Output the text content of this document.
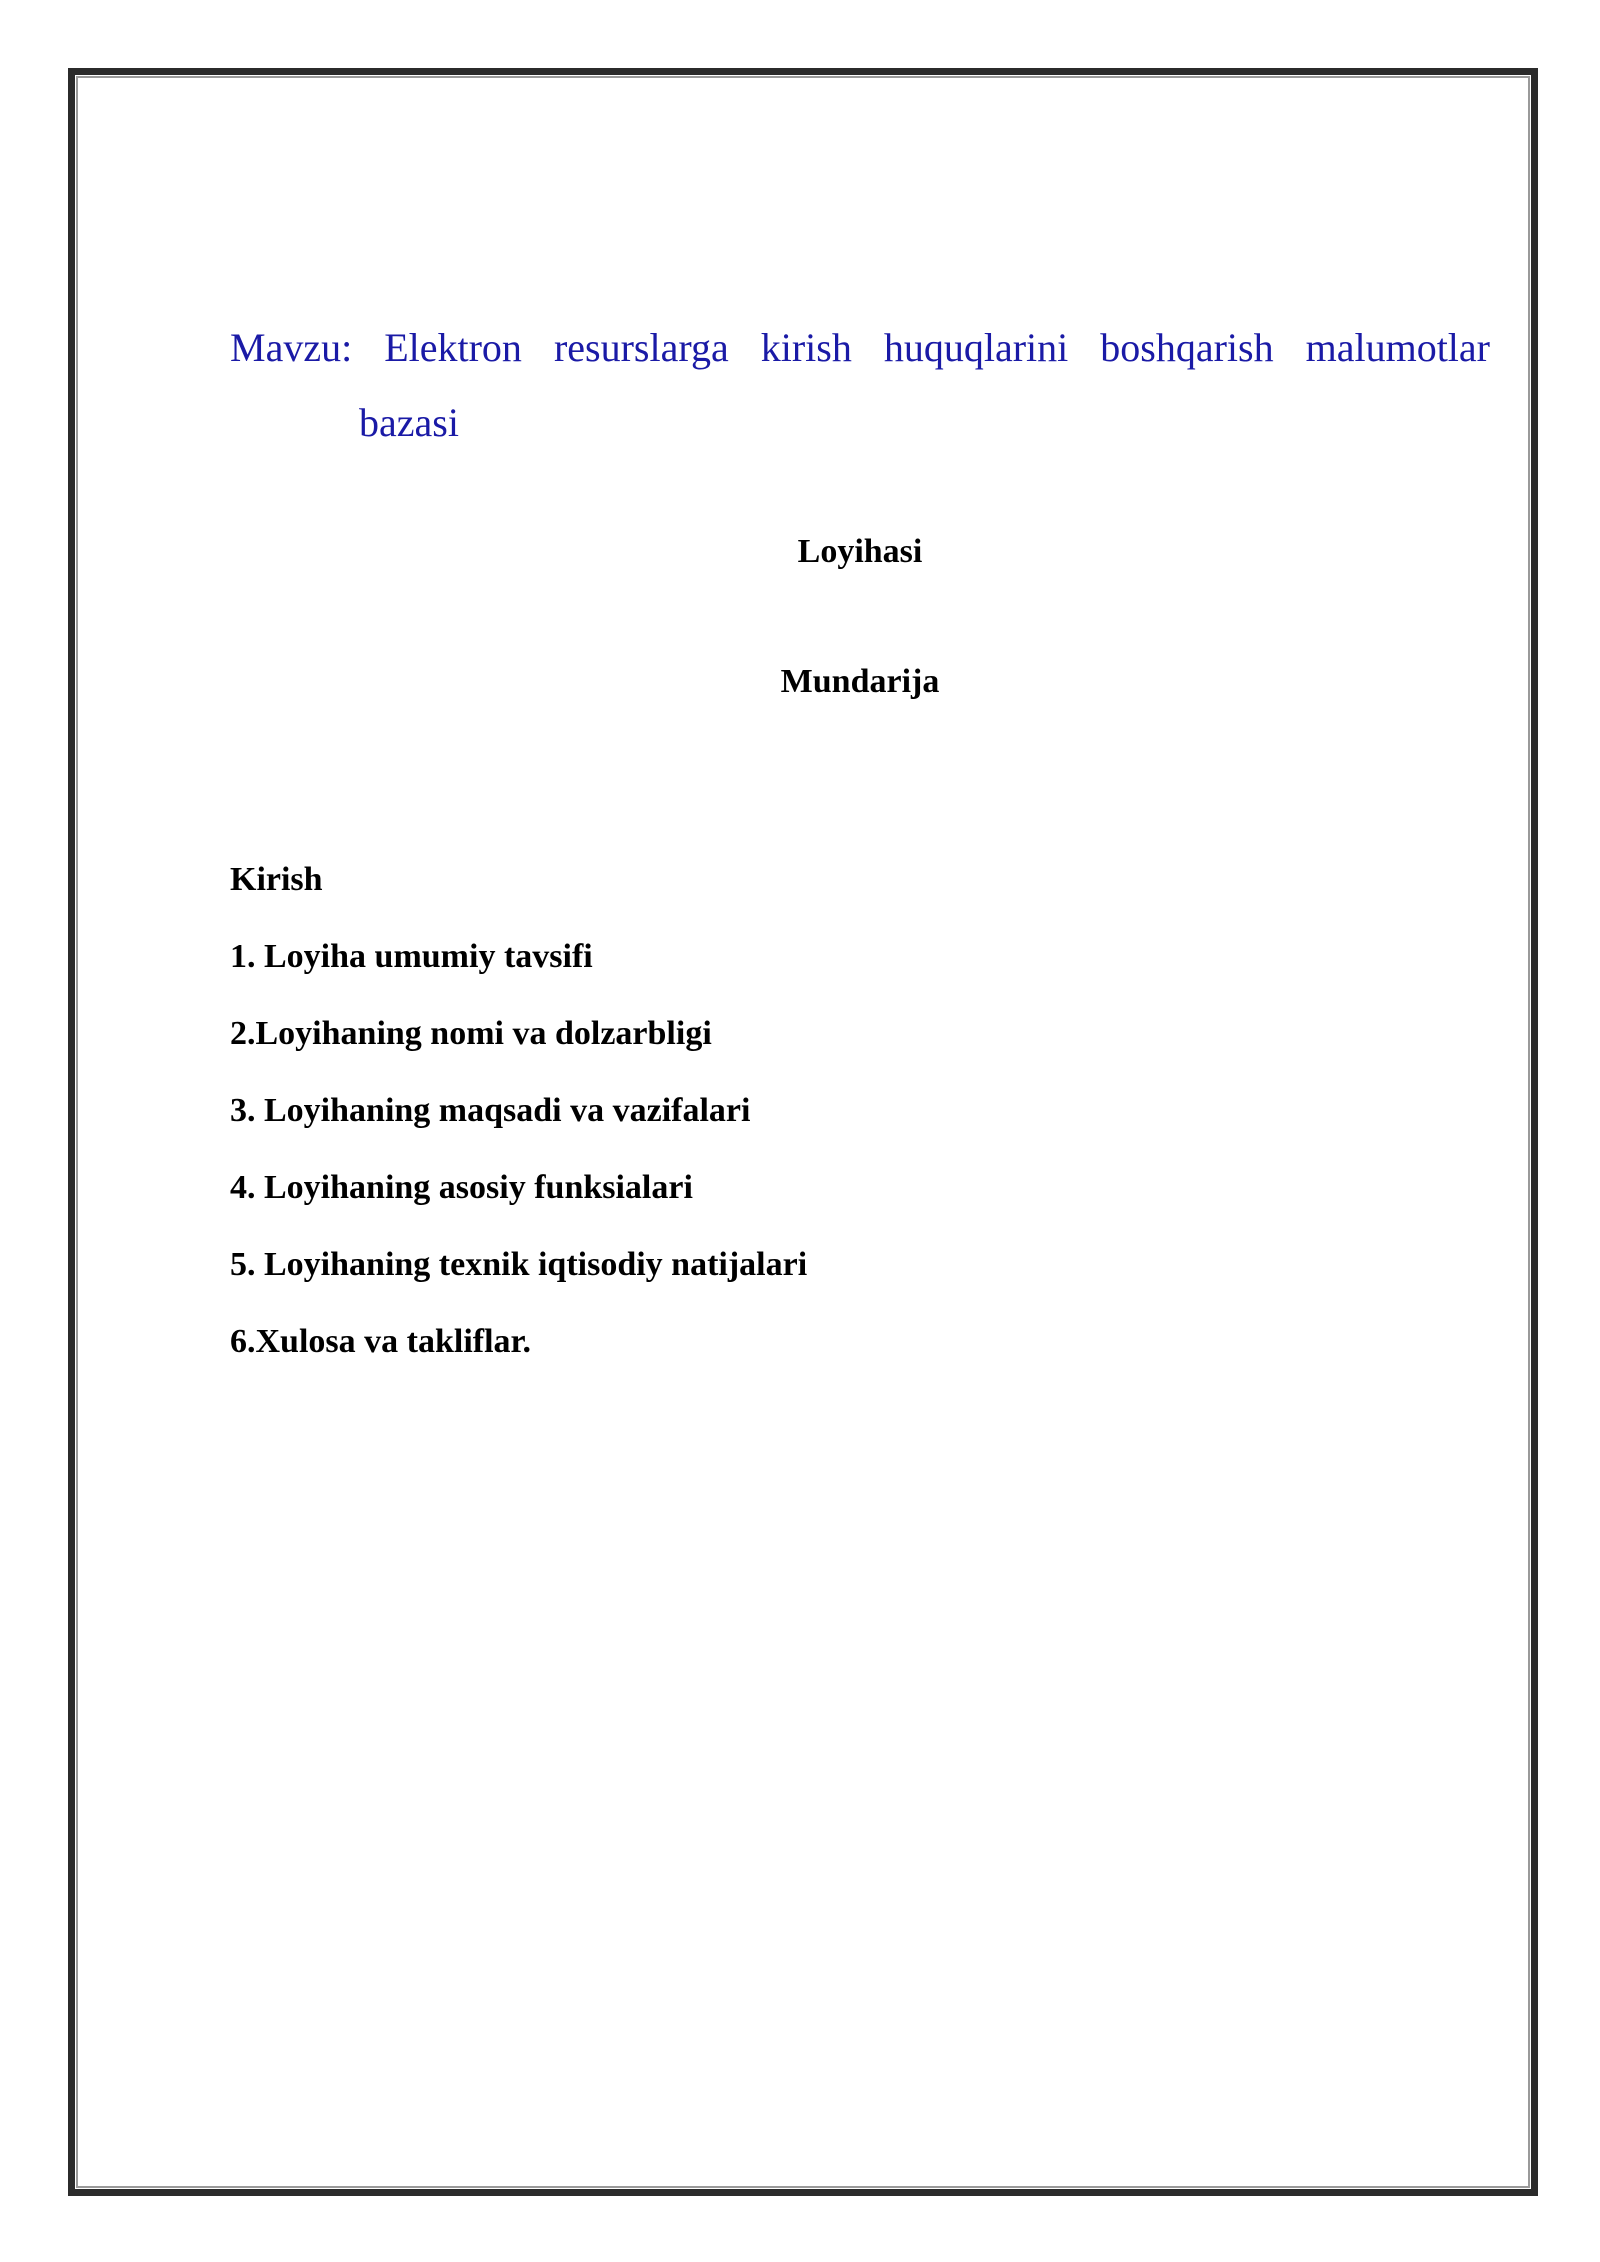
Mavzu: Elektron resurslarga kirish huquqlarini boshqarish malumotlar
bazasi
Loyihasi
Mundarija
Kirish
1. Loyiha umumiy tavsifi
2.Loyihaning nomi va dolzarbligi
3. Loyihaning maqsadi va vazifalari
4. Loyihaning asosiy funksialari
5. Loyihaning texnik iqtisodiy natijalari
6.Xulosa va takliflar.
